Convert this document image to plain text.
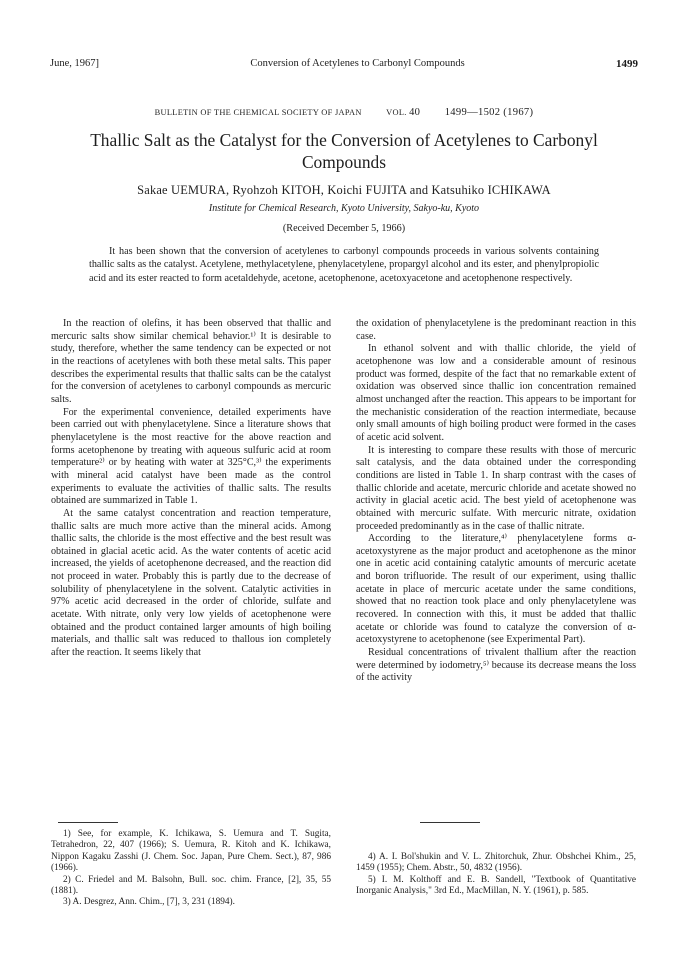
June, 1967]	Conversion of Acetylenes to Carbonyl Compounds	1499
BULLETIN OF THE CHEMICAL SOCIETY OF JAPAN	VOL. 40 1499—1502 (1967)
Thallic Salt as the Catalyst for the Conversion of Acetylenes to Carbonyl Compounds
Sakae UEMURA, Ryohzoh KITOH, Koichi FUJITA and Katsuhiko ICHIKAWA
Institute for Chemical Research, Kyoto University, Sakyo-ku, Kyoto
(Received December 5, 1966)
It has been shown that the conversion of acetylenes to carbonyl compounds proceeds in various solvents containing thallic salts as the catalyst. Acetylene, methylacetylene, phenylacetylene, propargyl alcohol and its ester, and phenylpropiolic acid and its ester reacted to form acetaldehyde, acetone, acetophenone, acetoxyacetone and acetophenone respectively.

In the reaction of olefins, it has been observed that thallic and mercuric salts show similar chemical behavior.¹⁾ It is desirable to study, therefore, whether the same tendency can be expected or not in the reactions of acetylenes with both these metal salts. This paper describes the experimental results that thallic salts can be the catalyst for the conversion of acetylenes to carbonyl compounds as mercuric salts.

For the experimental convenience, detailed experiments have been carried out with phenylacetylene. Since a literature shows that phenylacetylene is the most reactive for the above reaction and forms acetophenone by treating with aqueous sulfuric acid at room temperature²⁾ or by heating with water at 325°C,³⁾ the experiments with mineral acid catalyst have been made as the control experiments to evaluate the activities of thallic salts. The results obtained are summarized in Table 1.

At the same catalyst concentration and reaction temperature, thallic salts are much more active than the mineral acids. Among thallic salts, the chloride is the most effective and the best result was obtained in glacial acetic acid. As the water contents of acetic acid increased, the yields of acetophenone decreased, and the reaction did not proceed in water. Probably this is partly due to the decrease of solubility of phenylacetylene in the solvent. Catalytic activities in 97% acetic acid decreased in the order of chloride, sulfate and acetate. With nitrate, only very low yields of acetophenone were obtained and the product contained larger amounts of high boiling materials, and thallic salt was reduced to thallous ion completely after the reaction. It seems likely that

the oxidation of phenylacetylene is the predominant reaction in this case.

In ethanol solvent and with thallic chloride, the yield of acetophenone was low and a considerable amount of resinous product was formed, despite of the fact that no remarkable extent of oxidation was observed since thallic ion concentration remained almost unchanged after the reaction. This appears to be important for the mechanistic consideration of the reaction intermediate, because only small amounts of high boiling product were formed in the cases of acetic acid solvent.

It is interesting to compare these results with those of mercuric salt catalysis, and the data obtained under the corresponding conditions are listed in Table 1. In sharp contrast with the cases of thallic chloride and acetate, mercuric chloride and acetate showed no activity in glacial acetic acid. The best yield of acetophenone was obtained with mercuric sulfate. With mercuric nitrate, oxidation proceeded predominantly as in the case of thallic nitrate.

According to the literature,⁴⁾ phenylacetylene forms α-acetoxystyrene as the major product and acetophenone as the minor one in acetic acid containing catalytic amounts of mercuric acetate and boron trifluoride. The result of our experiment, using thallic acetate in place of mercuric acetate under the same conditions, showed that no reaction took place and only phenylacetylene was recovered. In connection with this, it must be added that thallic acetate or chloride was found to catalyze the conversion of α-acetoxystyrene to acetophenone (see Experimental Part).

Residual concentrations of trivalent thallium after the reaction were determined by iodometry,⁵⁾ because its decrease means the loss of the activity

1) See, for example, K. Ichikawa, S. Uemura and T. Sugita, Tetrahedron, 22, 407 (1966); S. Uemura, R. Kitoh and K. Ichikawa, Nippon Kagaku Zasshi (J. Chem. Soc. Japan, Pure Chem. Sect.), 87, 986 (1966).
2) C. Friedel and M. Balsohn, Bull. soc. chim. France, [2], 35, 55 (1881).
3) A. Desgrez, Ann. Chim., [7], 3, 231 (1894).
4) A. I. Bol'shukin and V. L. Zhitorchuk, Zhur. Obshchei Khim., 25, 1459 (1955); Chem. Abstr., 50, 4832 (1956).
5) I. M. Kolthoff and E. B. Sandell, "Textbook of Quantitative Inorganic Analysis," 3rd Ed., MacMillan, N. Y. (1961), p. 585.
